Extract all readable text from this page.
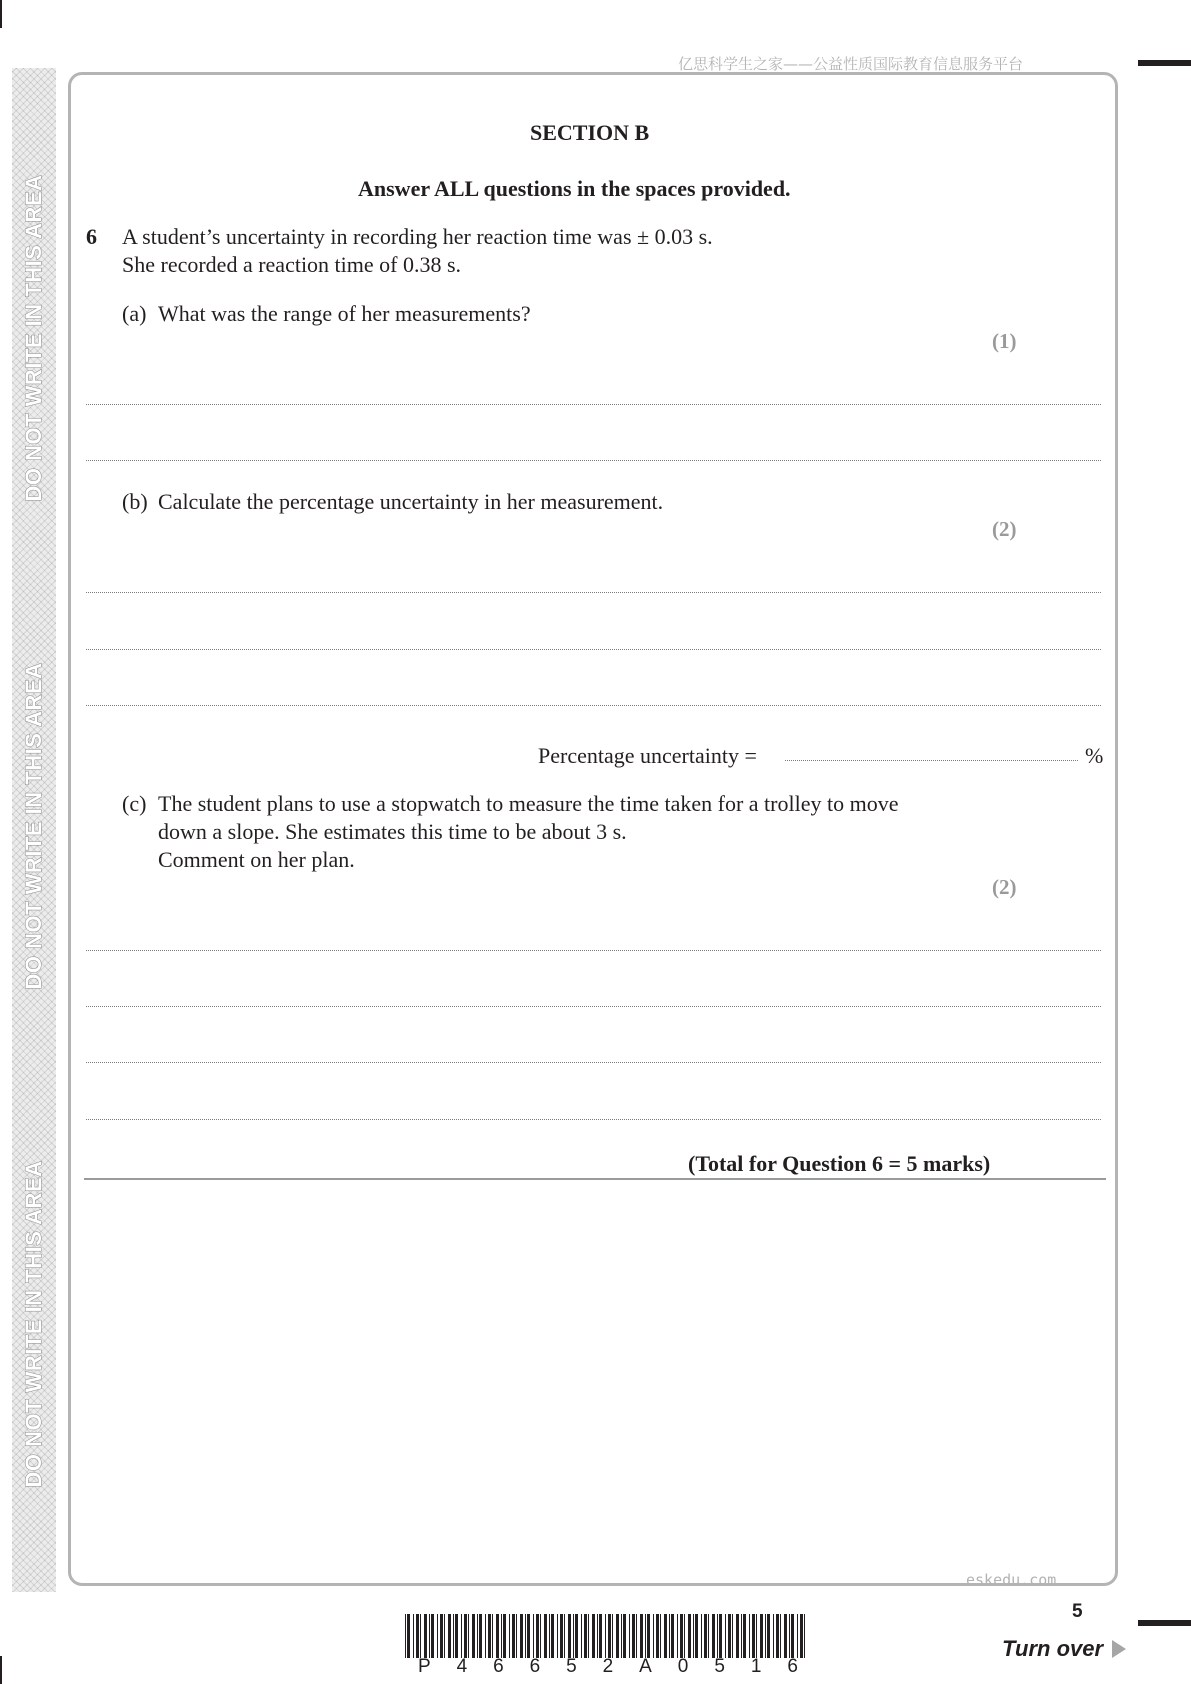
DO NOT WRITE IN THIS AREA
DO NOT WRITE IN THIS AREA
DO NOT WRITE IN THIS AREA
亿思科学生之家——公益性质国际教育信息服务平台
SECTION B
Answer ALL questions in the spaces provided.
6 A student’s uncertainty in recording her reaction time was ± 0.03 s.
She recorded a reaction time of 0.38 s.
(a) What was the range of her measurements?
(1)
(b) Calculate the percentage uncertainty in her measurement.
(2)
Percentage uncertainty =	%
(c) The student plans to use a stopwatch to measure the time taken for a trolley to move
down a slope. She estimates this time to be about 3 s.
Comment on her plan.
(2)
(Total for Question 6 = 5 marks)
eskedu.com
5
P 4 6 6 5 2 A 0 5 1 6
Turn over
